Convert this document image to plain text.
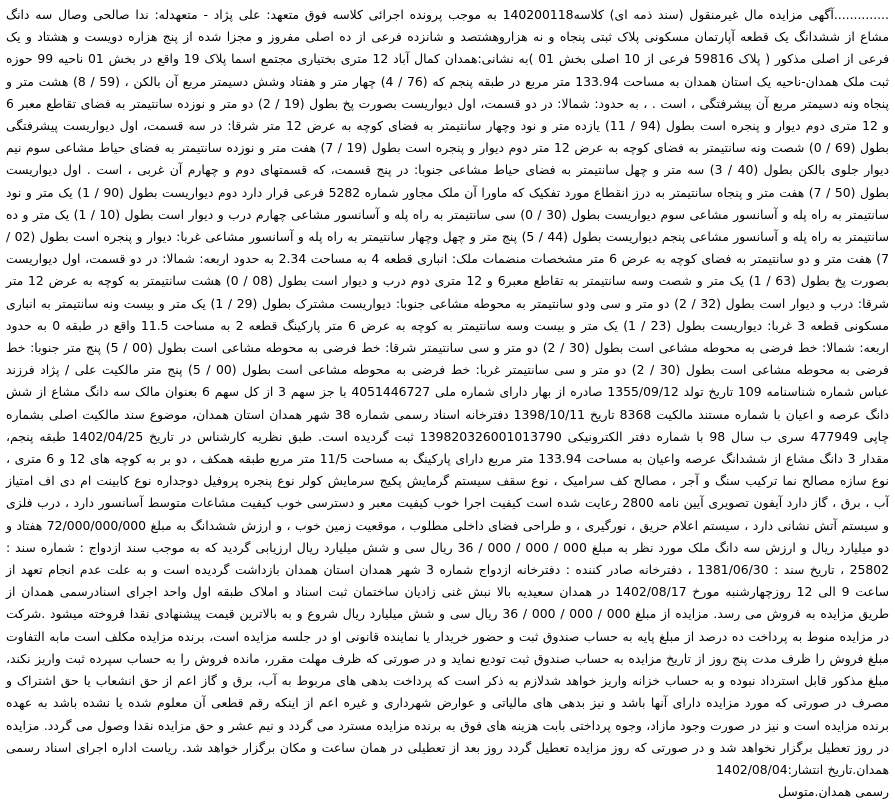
..............آگهی مزایده مال غیرمنقول (سند ذمه ای) کلاسه140200118 به موجب پرونده اجرائی کلاسه فوق متعهد: علی پژاد - متعهدله: ندا صالحی وصال سه دانگ مشاع از ششدانگ یک قطعه آپارتمان مسکونی پلاک ثبتی پنجاه و نه هزاروهشتصد و شانزده فرعی از ده اصلی مفروز و مجزا شده از پنج هزاره دویست و هشتاد و یک فرعی از اصلی مذکور ( پلاک 59816 فرعی از 10 اصلی بخش 01 )به نشانی:همدان کمال آباد 12 متری بختیاری مجتمع اسما پلاک 19 واقع در بخش 01 ناحیه 99 حوزه ثبت ملک همدان-ناحیه یک استان همدان به مساحت 133.94 متر مربع در طبقه پنجم که (76 / 4) چهار متر و هفتاد وشش دسیمتر مربع آن بالکن ، (59 / 8) هشت متر و پنجاه ونه دسیمتر مربع آن پیشرفتگی ، است . ، به حدود: شمالا: در دو قسمت، اول دیواریست بصورت پخ بطول (19 / 2) دو متر و نوزده سانتیمتر به فضای تقاطع معبر 6 و 12 متری دوم دیوار و پنجره است بطول (94 / 11) یازده متر و نود وچهار سانتیمتر به فضای کوچه به عرض 12 متر شرقا: در سه قسمت، اول دیواریست پیشرفتگی بطول (69 / 0) شصت ونه سانتیمتر به فضای کوچه به عرض 12 متر دوم دیوار و پنجره است بطول (19 / 7) هفت متر و نوزده سانتیمتر به فضای حیاط مشاعی سوم نیم دیوار جلوی بالکن بطول (40 / 3) سه متر و چهل سانتیمتر به فضای حیاط مشاعی جنوبا: در پنج قسمت، که قسمتهای دوم و چهارم آن غربی ، است . اول دیواریست بطول (50 / 7) هفت متر و پنجاه سانتیمتر به درز انقطاع مورد تفکیک که ماورا آن ملک مجاور شماره 5282 فرعی قرار دارد دوم دیواریست بطول (90 / 1) یک متر و نود سانتیمتر به راه پله و آسانسور مشاعی سوم دیواریست بطول (30 / 0) سی سانتیمتر به راه پله و آسانسور مشاعی چهارم درب و دیوار است بطول (10 / 1) یک متر و ده سانتیمتر به راه پله و آسانسور مشاعی پنجم دیواریست بطول (44 / 5) پنج متر و چهل وچهار سانتیمتر به راه پله و آسانسور مشاعی غربا: دیوار و پنجره است بطول (02 / 7) هفت متر و دو سانتیمتر به فضای کوچه به عرض 6 متر مشخصات منضمات ملک: انباری قطعه 4 به مساحت 2.34 به حدود اربعه: شمالا: در دو قسمت، اول دیواریست بصورت پخ بطول (63 / 1) یک متر و شصت وسه سانتیمتر به تقاطع معبر6 و 12 متری دوم درب و دیوار است بطول (08 / 0) هشت سانتیمتر به کوچه به عرض 12 متر شرقا: درب و دیوار است بطول (32 / 2) دو متر و سی ودو سانتیمتر به محوطه مشاعی جنوبا: دیواریست مشترک بطول (29 / 1) یک متر و بیست ونه سانتیمتر به انباری مسکونی قطعه 3 غربا: دیواریست بطول (23 / 1) یک متر و بیست وسه سانتیمتر به کوچه به عرض 6 متر پارکینگ قطعه 2 به مساحت 11.5 واقع در طبقه 0 به حدود اربعه: شمالا: خط فرضی به محوطه مشاعی است بطول (30 / 2) دو متر و سی سانتیمتر شرقا: خط فرضی به محوطه مشاعی است بطول (00 / 5) پنج متر جنوبا: خط فرضی به محوطه مشاعی است بطول (30 / 2) دو متر و سی سانتیمتر غربا: خط فرضی به محوطه مشاعی است بطول (00 / 5) پنج متر مالکیت علی / پژاد فرزند عباس شماره شناسنامه 109 تاریخ تولد 1355/09/12 صادره از بهار دارای شماره ملی 4051446727 با جز سهم 3 از کل سهم 6 بعنوان مالک سه دانگ مشاع از شش دانگ عرصه و اعیان با شماره مستند مالکیت 8368 تاریخ 1398/10/11 دفترخانه اسناد رسمی شماره 38 شهر همدان استان همدان، موضوع سند مالکیت اصلی بشماره چاپی 477949 سری ب سال 98 با شماره دفتر الکترونیکی 139820326001013790 ثبت گردیده است. طبق نظریه کارشناس در تاریخ 1402/04/25 طبقه پنجم، مقدار 3 دانگ مشاع از ششدانگ عرصه واعیان به مساحت 133.94 متر مربع دارای پارکینگ به مساحت 11/5 متر مربع طبقه همکف ، دو بر به کوچه های 12 و 6 متری ، نوع سازه مصالح نما ترکیب سنگ و آجر ، مصالح کف سرامیک ، نوع سقف سیستم گرمایش پکیج سرمایش کولر نوع پنجره پروفیل دوجداره نوع کابینت ام دی اف امتیاز آب ، برق ، گاز دارد آیفون تصویری آیین نامه 2800 رعایت شده است کیفیت اجرا خوب کیفیت معبر و دسترسی خوب کیفیت مشاعات متوسط آسانسور دارد ، درب فلزی و سیستم آتش نشانی دارد ، سیستم اعلام حریق ، نورگیری ، و طراحی فضای داخلی مطلوب ، موقعیت زمین خوب ، و ارزش ششدانگ به مبلغ 72/000/000/000 هفتاد و دو میلیارد ریال و ارزش سه دانگ ملک مورد نظر به مبلغ 000 / 000 / 000 / 36 ریال سی و شش میلیارد ریال ارزیابی گردید که به موجب سند ازدواج : شماره سند : 25802 ، تاریخ سند : 1381/06/30 ، دفترخانه صادر کننده : دفترخانه ازدواج شماره 3 شهر همدان استان همدان بازداشت گردیده است و به علت عدم انجام تعهد از ساعت 9 الی 12 روزچهارشنبه مورخ 1402/08/17 در همدان سعیدیه بالا نبش غنی زادیان ساختمان ثبت اسناد و املاک طبقه اول واحد اجرای اسنادرسمی همدان از طریق مزایده به فروش می رسد. مزایده از مبلغ 000 / 000 / 000 / 36 ریال سی و شش میلیارد ریال شروع و به بالاترین قیمت پیشنهادی نقدا فروخته میشود .شرکت در مزایده منوط به پرداخت ده درصد از مبلغ پایه به حساب صندوق ثبت و حضور خریدار یا نماینده قانونی او در جلسه مزایده است، برنده مزایده مکلف است مابه التفاوت مبلغ فروش را ظرف مدت پنج روز از تاریخ مزایده به حساب صندوق ثبت تودیع نماید و در صورتی که ظرف مهلت مقرر، مانده فروش را به حساب سپرده ثبت واریز نکند، مبلغ مذکور قابل استرداد نبوده و به حساب خزانه واریز خواهد شدلازم به ذکر است که پرداخت بدهی های مربوط به آب، برق و گاز اعم از حق انشعاب یا حق اشتراک و مصرف در صورتی که مورد مزایده دارای آنها باشد و نیز بدهی های مالیاتی و عوارض شهرداری و غیره اعم از اینکه رقم قطعی آن معلوم شده یا نشده باشد به عهده برنده مزایده است و نیز در صورت وجود مازاد، وجوه پرداختی بابت هزینه های فوق به برنده مزایده مسترد می گردد و نیم عشر و حق مزایده نقدا وصول می گردد. مزایده در روز تعطیل برگزار نخواهد شد و در صورتی که روز مزایده تعطیل گردد روز بعد از تعطیلی در همان ساعت و مکان برگزار خواهد شد. ریاست اداره اجرای اسناد رسمی همدان.تاریخ انتشار:1402/08/04

رسمی همدان.متوسل
